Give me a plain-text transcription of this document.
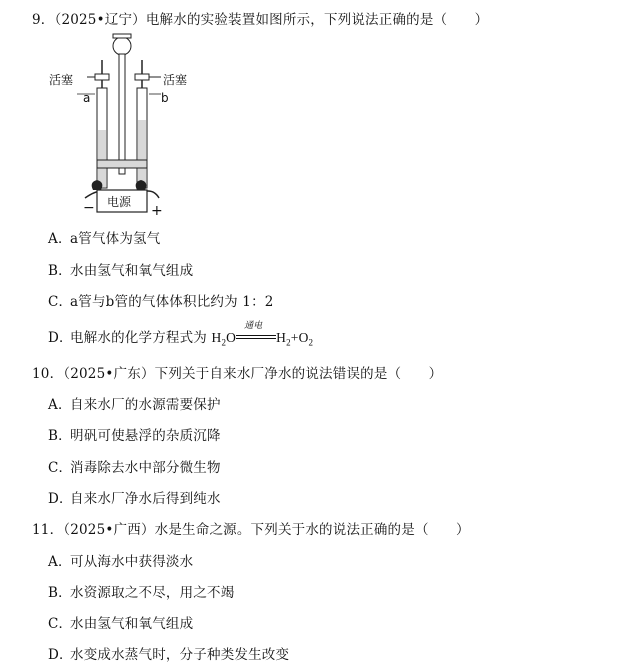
9．（2025•辽宁）电解水的实验装置如图所示，下列说法正确的是（　　）
活塞	活塞
a	b
电源
−	+
A．a管气体为氢气
B．水由氢气和氧气组成
C．a管与b管的气体体积比约为 1：2
D．电解水的化学方程式为 $H_2O$
通电
$H_2+O_2$
10．（2025•广东）下列关于自来水厂净水的说法错误的是（　　）
A．自来水厂的水源需要保护
B．明矾可使悬浮的杂质沉降
C．消毒除去水中部分微生物
D．自来水厂净水后得到纯水
11．（2025•广西）水是生命之源。下列关于水的说法正确的是（　　）
A．可从海水中获得淡水
B．水资源取之不尽，用之不竭
C．水由氢气和氧气组成
D．水变成水蒸气时，分子种类发生改变
